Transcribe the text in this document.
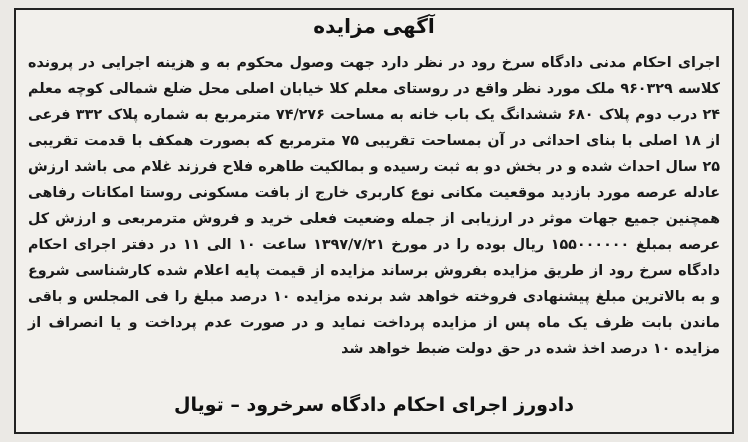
آگهی مزایده
اجرای احکام مدنی دادگاه سرخ رود در نظر دارد جهت وصول محکوم به و هزینه اجرایی در پرونده کلاسه ۹۶۰۳۲۹ ملک مورد نظر واقع در روستای معلم کلا خیابان اصلی محل ضلع شمالی کوچه معلم ۲۴ درب دوم پلاک ۶۸۰ ششدانگ یک باب خانه به مساحت ۷۴/۲۷۶ مترمربع به شماره پلاک ۳۳۲ فرعی از ۱۸ اصلی با بنای احداثی در آن بمساحت تقریبی ۷۵ مترمربع که بصورت همکف با قدمت تقریبی ۲۵ سال احداث شده و در بخش دو به ثبت رسیده و بمالکیت طاهره فلاح فرزند غلام می باشد ارزش عادله عرصه مورد بازدید موقعیت مکانی نوع کاربری خارج از بافت مسکونی روستا امکانات رفاهی همچنین جمیع جهات موثر در ارزیابی از جمله وضعیت فعلی خرید و فروش مترمربعی و ارزش کل عرصه بمبلغ ۱۵۵۰۰۰۰۰۰ ریال بوده را در مورخ ۱۳۹۷/۷/۲۱ ساعت ۱۰ الی ۱۱ در دفتر اجرای احکام دادگاه سرخ رود از طریق مزایده بفروش برساند مزایده از قیمت پایه اعلام شده کارشناسی شروع و به بالاترین مبلغ پیشنهادی فروخته خواهد شد برنده مزایده ۱۰ درصد مبلغ را فی المجلس و باقی ماندن بابت ظرف یک ماه پس از مزایده پرداخت نماید و در صورت عدم پرداخت و یا انصراف از مزایده ۱۰ درصد اخذ شده در حق دولت ضبط خواهد شد
دادورز اجرای احکام دادگاه سرخرود – تویال
